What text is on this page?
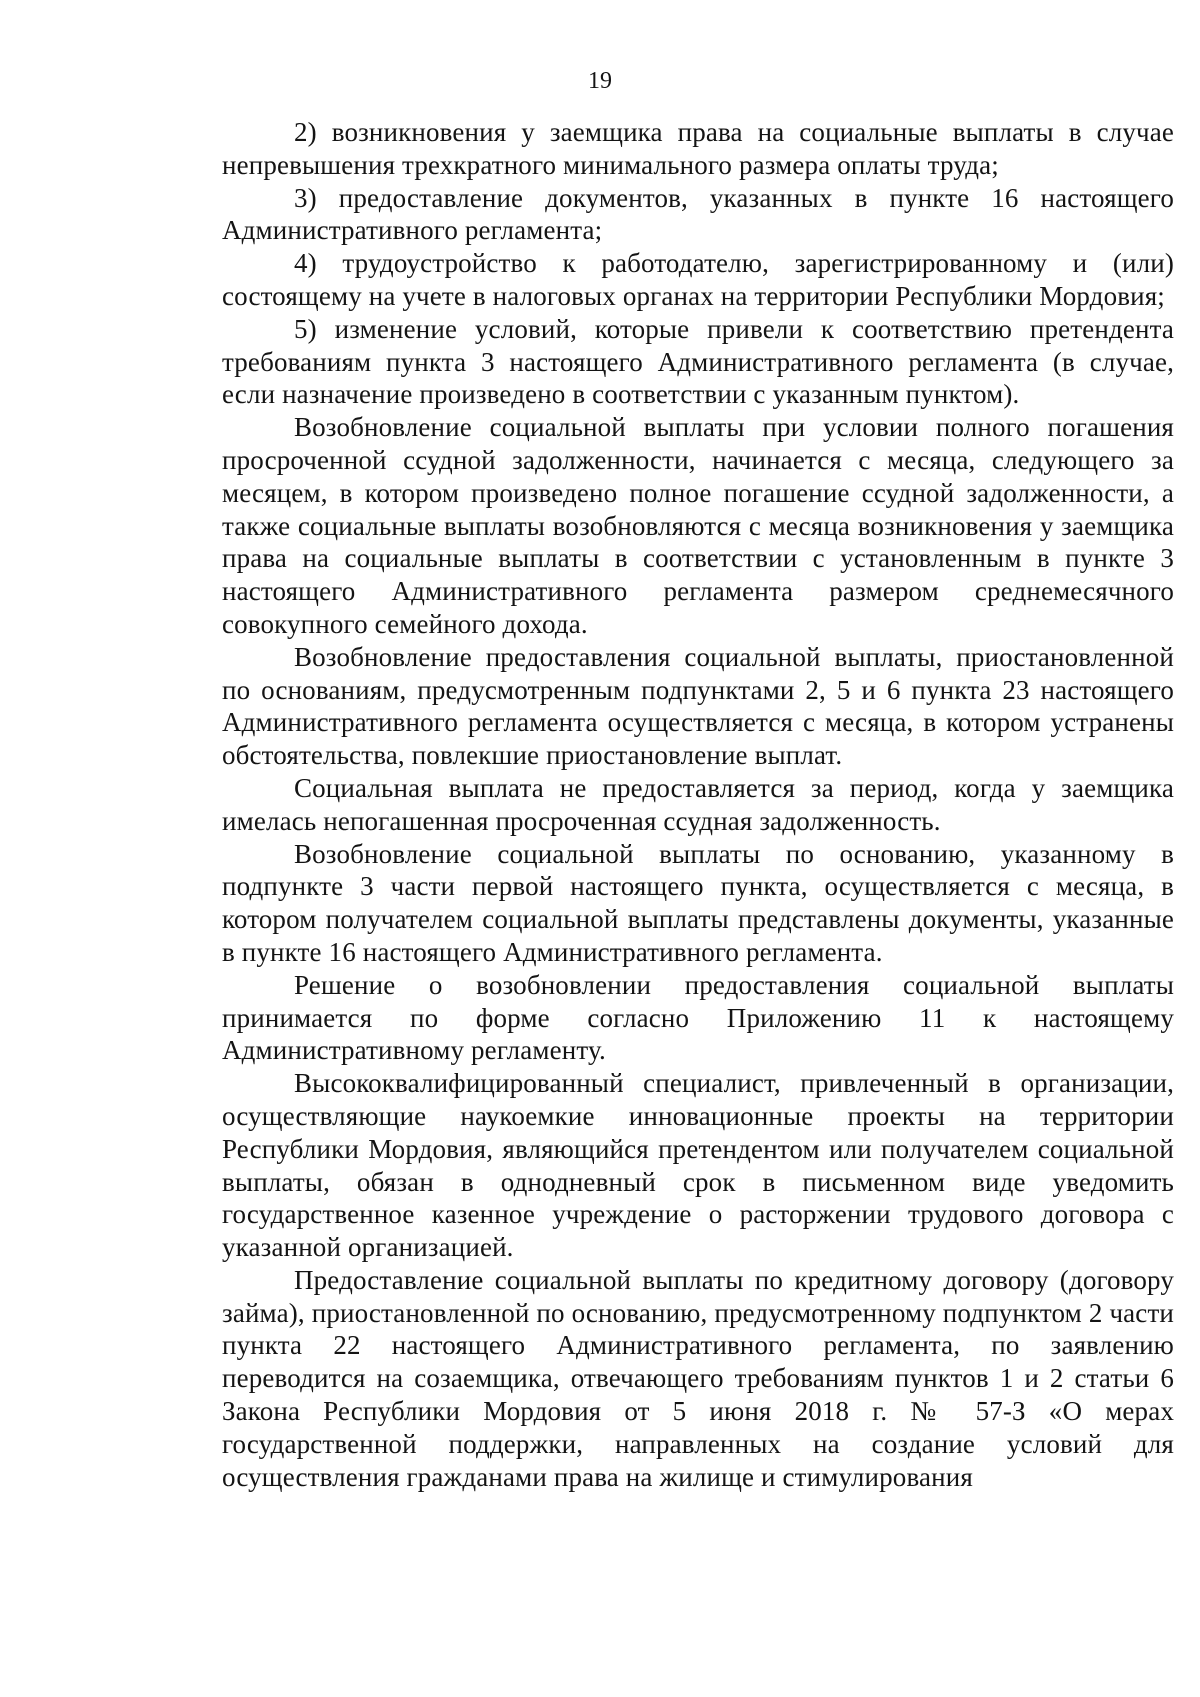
19

2) возникновения у заемщика права на социальные выплаты в случае непревышения трехкратного минимального размера оплаты труда;

3) предоставление документов, указанных в пункте 16 настоящего Административного регламента;

4) трудоустройство к работодателю, зарегистрированному и (или) состоящему на учете в налоговых органах на территории Республики Мордовия;

5) изменение условий, которые привели к соответствию претендента требованиям пункта 3 настоящего Административного регламента (в случае, если назначение произведено в соответствии с указанным пунктом).

Возобновление социальной выплаты при условии полного погашения просроченной ссудной задолженности, начинается с месяца, следующего за месяцем, в котором произведено полное погашение ссудной задолженности, а также социальные выплаты возобновляются с месяца возникновения у заемщика права на социальные выплаты в соответствии с установленным в пункте 3 настоящего Административного регламента размером среднемесячного совокупного семейного дохода.

Возобновление предоставления социальной выплаты, приостановленной по основаниям, предусмотренным подпунктами 2, 5 и 6 пункта 23 настоящего Административного регламента осуществляется с месяца, в котором устранены обстоятельства, повлекшие приостановление выплат.

Социальная выплата не предоставляется за период, когда у заемщика имелась непогашенная просроченная ссудная задолженность.

Возобновление социальной выплаты по основанию, указанному в подпункте 3 части первой настоящего пункта, осуществляется с месяца, в котором получателем социальной выплаты представлены документы, указанные в пункте 16 настоящего Административного регламента.

Решение о возобновлении предоставления социальной выплаты принимается по форме согласно Приложению 11 к настоящему Административному регламенту.

Высококвалифицированный специалист, привлеченный в организации, осуществляющие наукоемкие инновационные проекты на территории Республики Мордовия, являющийся претендентом или получателем социальной выплаты, обязан в однодневный срок в письменном виде уведомить государственное казенное учреждение о расторжении трудового договора с указанной организацией.

Предоставление социальной выплаты по кредитному договору (договору займа), приостановленной по основанию, предусмотренному подпунктом 2 части пункта 22 настоящего Административного регламента, по заявлению переводится на созаемщика, отвечающего требованиям пунктов 1 и 2 статьи 6 Закона Республики Мордовия от 5 июня 2018 г. № 57-З «О мерах государственной поддержки, направленных на создание условий для осуществления гражданами права на жилище и стимулирования
